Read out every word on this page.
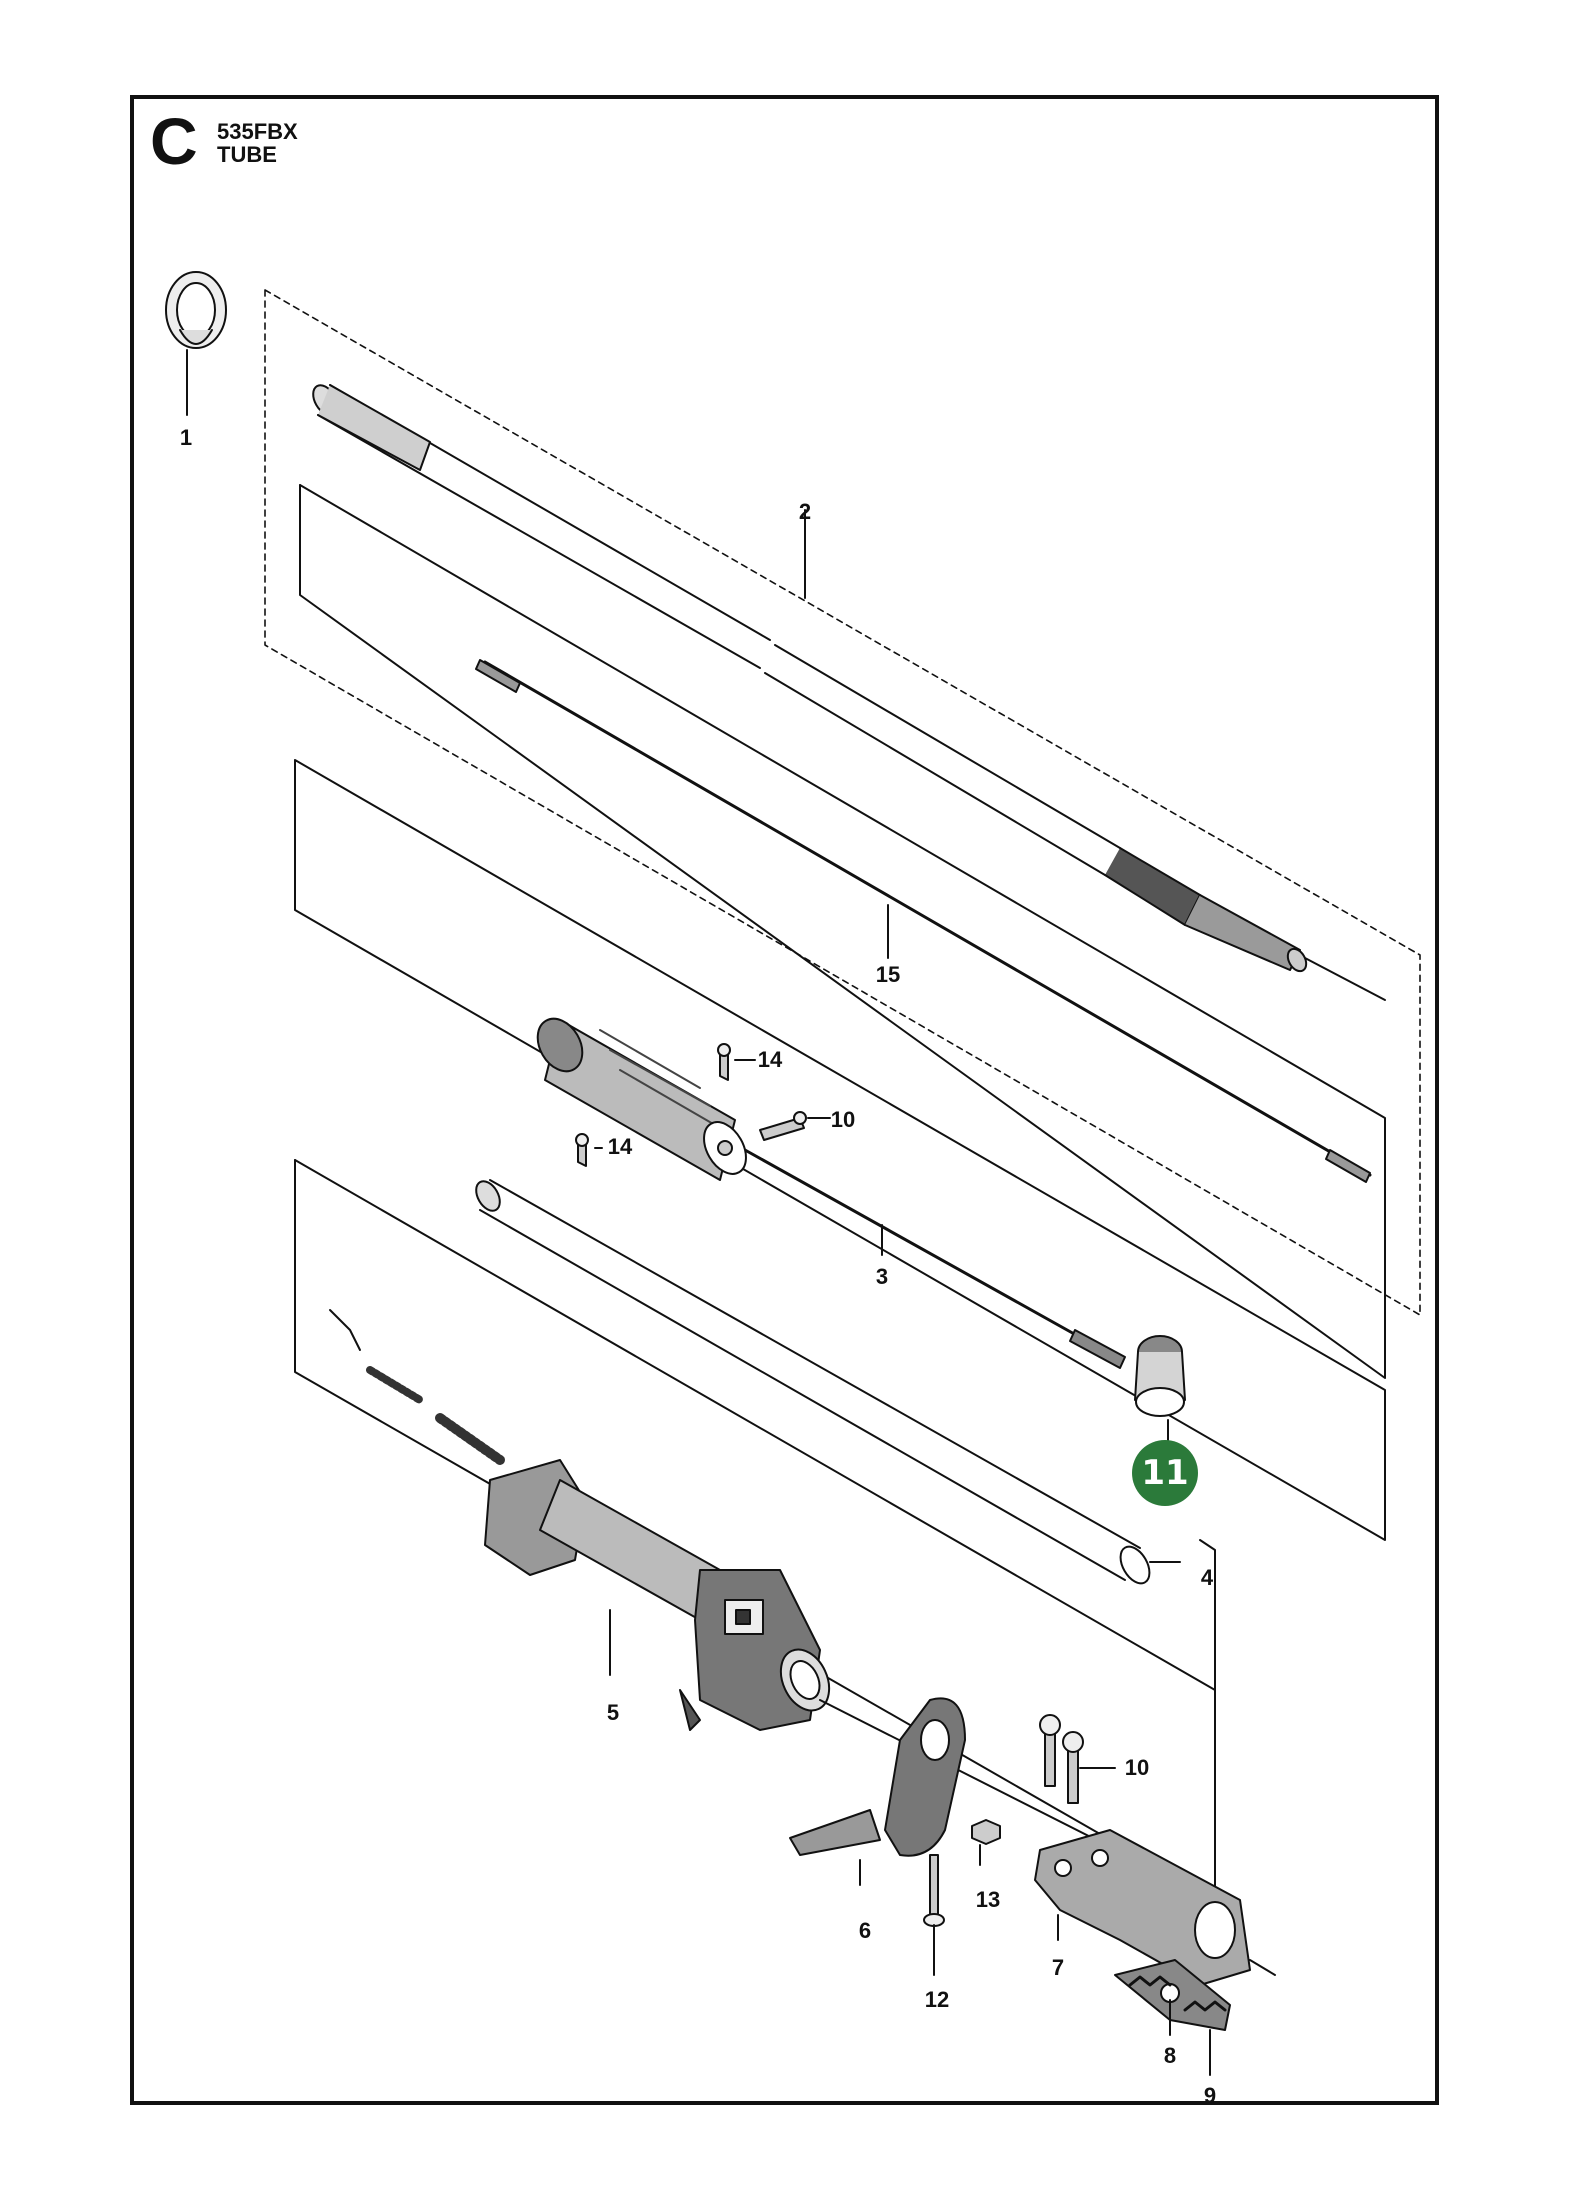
C 535FBX
TUBE
1
2
15
14
14
10
3
11
4
5
10
13
6
7
12
8
9
